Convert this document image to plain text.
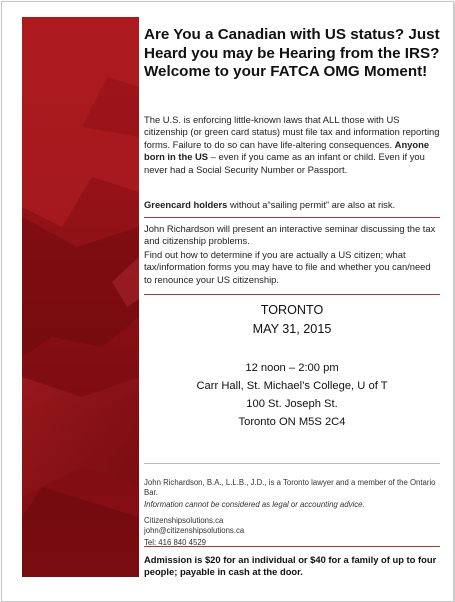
Are You a Canadian with US status? Just Heard you may be Hearing from the IRS? Welcome to your FATCA OMG Moment!

The U.S. is enforcing little-known laws that ALL those with US citizenship (or green card status) must file tax and information reporting forms. Failure to do so can have life-altering consequences. Anyone born in the US – even if you came as an infant or child. Even if you never had a Social Security Number or Passport.

Greencard holders without a“sailing permit” are also at risk.

John Richardson will present an interactive seminar discussing the tax and citizenship problems.

Find out how to determine if you are actually a US citizen; what tax/information forms you may have to file and whether you can/need to renounce your US citizenship.

TORONTO
MAY 31, 2015
12 noon – 2:00 pm
Carr Hall, St. Michael’s College, U of T
100 St. Joseph St.
Toronto ON M5S 2C4

John Richardson, B.A., L.L.B., J.D., is a Toronto lawyer and a member of the Ontario Bar.

Information cannot be considered as legal or accounting advice.

Citizenshipsolutions.ca

john@citizenshipsolutions.ca

Tel: 416 840 4529

Admission is $20 for an individual or $40 for a family of up to four people; payable in cash at the door.
